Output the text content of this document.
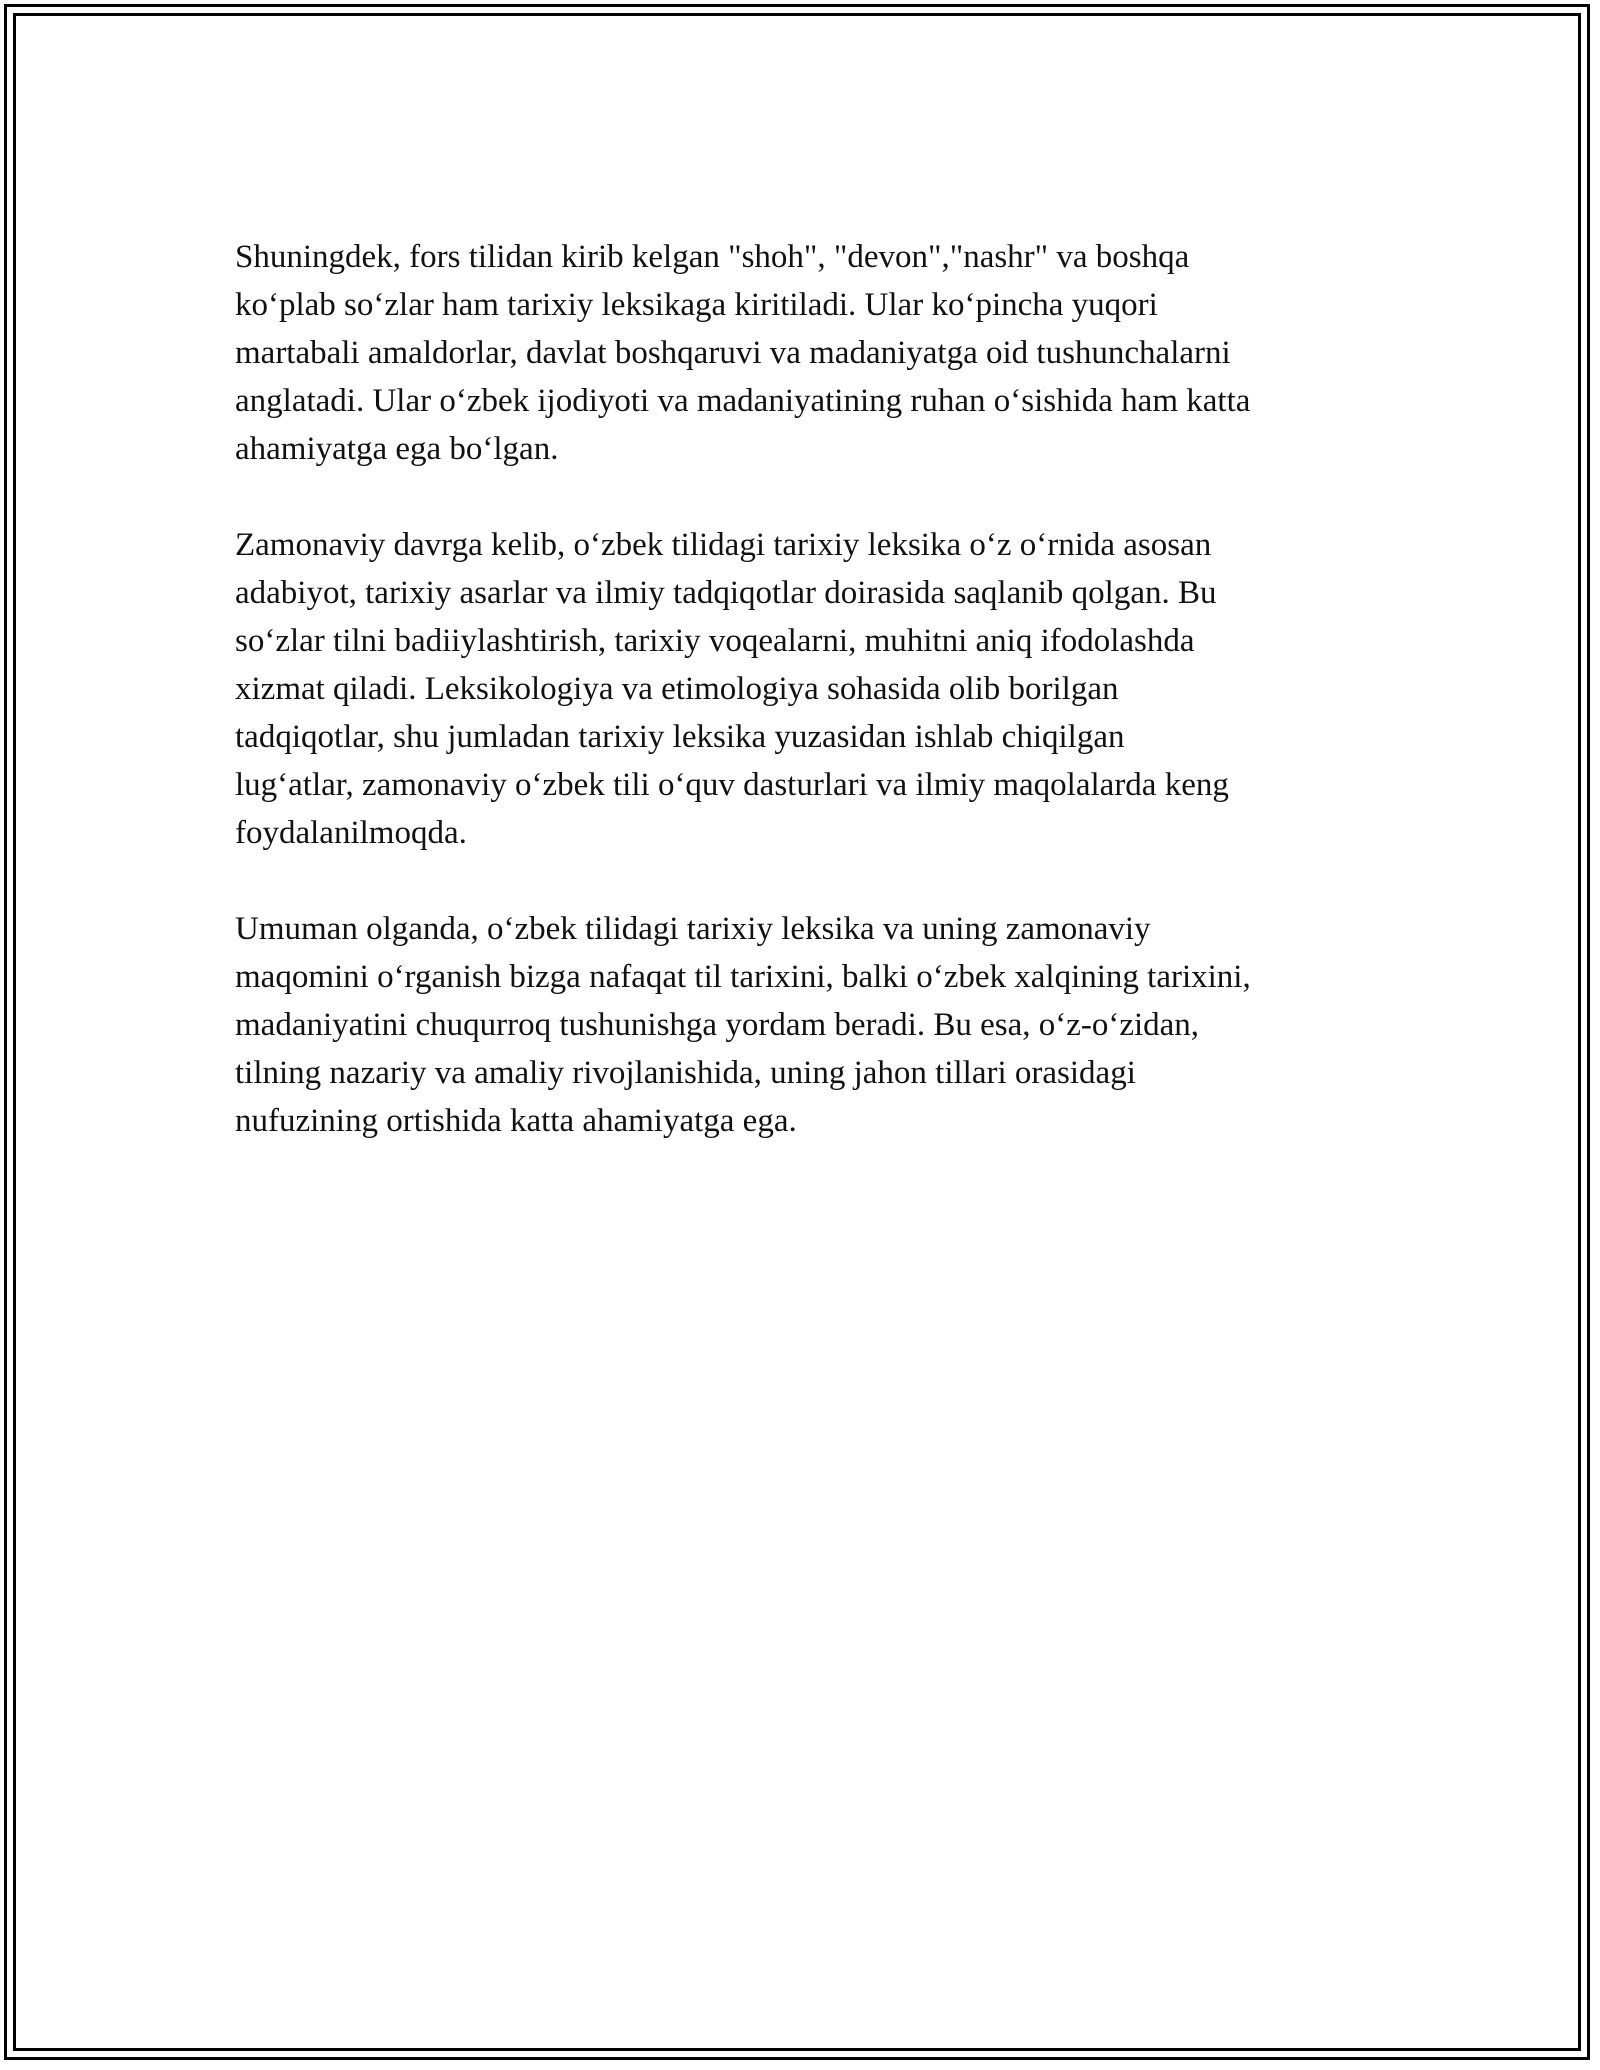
Shuningdek, fors tilidan kirib kelgan "shoh", "devon","nashr" va boshqa
ko‘plab so‘zlar ham tarixiy leksikaga kiritiladi. Ular ko‘pincha yuqori
martabali amaldorlar, davlat boshqaruvi va madaniyatga oid tushunchalarni
anglatadi. Ular o‘zbek ijodiyoti va madaniyatining ruhan o‘sishida ham katta
ahamiyatga ega bo‘lgan.

Zamonaviy davrga kelib, o‘zbek tilidagi tarixiy leksika o‘z o‘rnida asosan
adabiyot, tarixiy asarlar va ilmiy tadqiqotlar doirasida saqlanib qolgan. Bu
so‘zlar tilni badiiylashtirish, tarixiy voqealarni, muhitni aniq ifodolashda
xizmat qiladi. Leksikologiya va etimologiya sohasida olib borilgan
tadqiqotlar, shu jumladan tarixiy leksika yuzasidan ishlab chiqilgan
lug‘atlar, zamonaviy o‘zbek tili o‘quv dasturlari va ilmiy maqolalarda keng
foydalanilmoqda.

Umuman olganda, o‘zbek tilidagi tarixiy leksika va uning zamonaviy
maqomini o‘rganish bizga nafaqat til tarixini, balki o‘zbek xalqining tarixini,
madaniyatini chuqurroq tushunishga yordam beradi. Bu esa, o‘z-o‘zidan,
tilning nazariy va amaliy rivojlanishida, uning jahon tillari orasidagi
nufuzining ortishida katta ahamiyatga ega.
